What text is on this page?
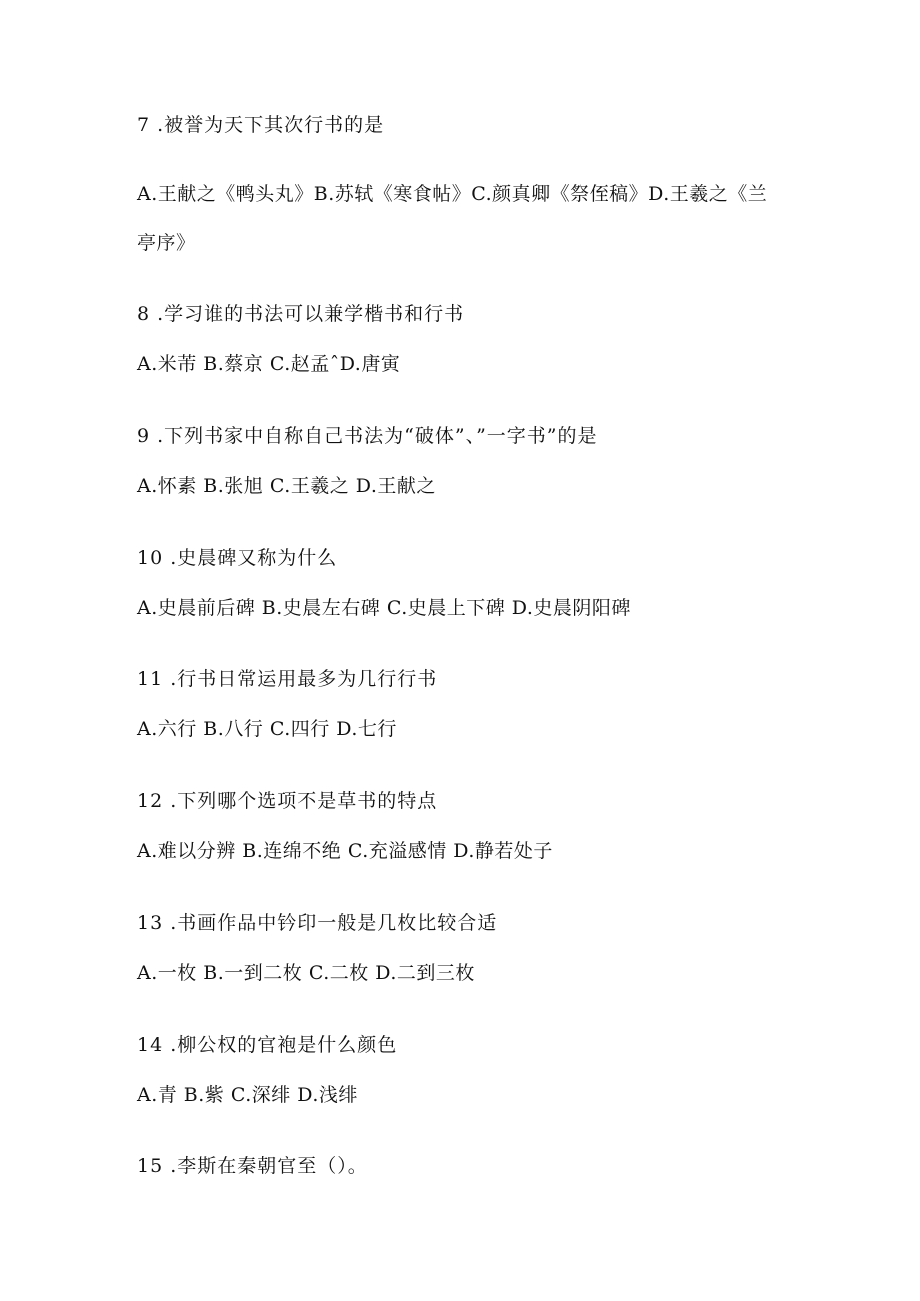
7 .被誉为天下其次行书的是
A.王献之《鸭头丸》B.苏轼《寒食帖》C.颜真卿《祭侄稿》D.王羲之《兰
亭序》
8 .学习谁的书法可以兼学楷书和行书
A.米芾 B.蔡京 C.赵孟ˆD.唐寅
9 .下列书家中自称自己书法为“破体”、”一字书”的是
A.怀素 B.张旭 C.王羲之 D.王献之
10 .史晨碑又称为什么
A.史晨前后碑 B.史晨左右碑 C.史晨上下碑 D.史晨阴阳碑
11 .行书日常运用最多为几行行书
A.六行 B.八行 C.四行 D.七行
12 .下列哪个选项不是草书的特点
A.难以分辨 B.连绵不绝 C.充溢感情 D.静若处子
13 .书画作品中钤印一般是几枚比较合适
A.一枚 B.一到二枚 C.二枚 D.二到三枚
14 .柳公权的官袍是什么颜色
A.青 B.紫 C.深绯 D.浅绯
15 .李斯在秦朝官至（）。
